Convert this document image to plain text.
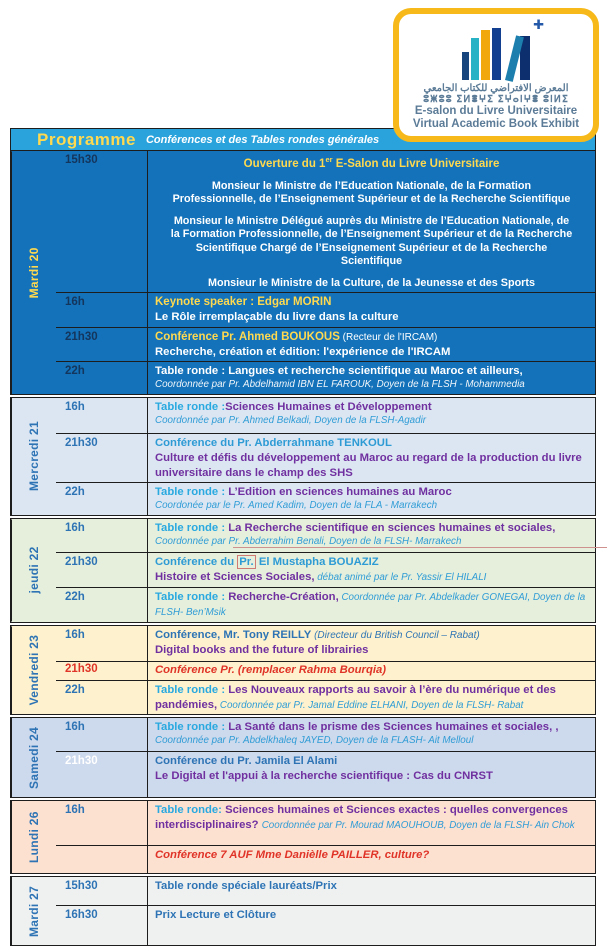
✚
المعرض الافتراضي للكتاب الجامعي
ⵓⵥⵓⵓ ⵉⵍⴻⵖⵉ ⵉⵖⴰⵏⵖⴻ ⵓⵏⵍⵉ
E-salon du Livre Universitaire
Virtual Academic Book Exhibit
Programme Conférences et des Tables rondes générales
Mardi 20
15h30	Ouverture du 1er E-Salon du Livre Universitaire
Monsieur le Ministre de l’Education Nationale, de la Formation Professionnelle, de l’Enseignement Supérieur et de la Recherche Scientifique
Monsieur le Ministre Délégué auprès du Ministre de l’Education Nationale, de la Formation Professionnelle, de l’Enseignement Supérieur et de la Recherche Scientifique Chargé de l’Enseignement Supérieur et de la Recherche Scientifique
Monsieur le Ministre de la Culture, de la Jeunesse et des Sports
16h	Keynote speaker : Edgar MORIN
Le Rôle irremplaçable du livre dans la culture
21h30	Conférence Pr. Ahmed BOUKOUS (Recteur de l'IRCAM)
Recherche, création et édition: l'expérience de l'IRCAM
22h	Table ronde : Langues et recherche scientifique au Maroc et ailleurs,
Coordonnée par Pr. Abdelhamid IBN EL FAROUK, Doyen de la FLSH - Mohammedia
Mercredi 21
16h	Table ronde :Sciences Humaines et Développement
Coordonnée par Pr. Ahmed Belkadi, Doyen de la FLSH-Agadir
21h30	Conférence du Pr. Abderrahmane TENKOUL
Culture et défis du développement au Maroc au regard de la production du livre universitaire dans le champ des SHS
22h	Table ronde : L’Edition en sciences humaines au Maroc
Coordonée par le Pr. Amed Kadim, Doyen de la FLA - Marrakech
jeudi 22
16h	Table ronde : La Recherche scientifique en sciences humaines et sociales,
Coordonnée par Pr. Abderrahim Benali, Doyen de la FLSH- Marrakech
21h30	Conférence du Pr. El Mustapha BOUAZIZ
Histoire et Sciences Sociales, débat animé par le Pr. Yassir El HILALI
22h	Table ronde : Recherche-Création, Coordonnée par Pr. Abdelkader GONEGAI, Doyen de la FLSH- Ben’Msik
Vendredi 23	16h	Conférence, Mr. Tony REILLY (Directeur du British Council – Rabat)
Digital books and the future of librairies
21h30	Conférence Pr. (remplacer Rahma Bourqia)
22h	Table ronde : Les Nouveaux rapports au savoir à l’ère du numérique et des pandémies, Coordonnée par Pr. Jamal Eddine ELHANI, Doyen de la FLSH- Rabat
Samedi 24	16h	Table ronde : La Santé dans le prisme des Sciences humaines et sociales, ,
Coordonnée par Pr. Abdelkhaleq JAYED, Doyen de la FLASH- Ait Melloul
21h30	Conférence du Pr. Jamila El Alami
Le Digital et l'appui à la recherche scientifique : Cas du CNRST
Lundi 26
16h	Table ronde: Sciences humaines et Sciences exactes : quelles convergences interdisciplinaires? Coordonnée par Pr. Mourad MAOUHOUB, Doyen de la FLSH- Ain Chok
Conférence 7 AUF Mme Danièlle PAILLER, culture?
Mardi 27	15h30	Table ronde spéciale lauréats/Prix
16h30	Prix Lecture et Clôture
